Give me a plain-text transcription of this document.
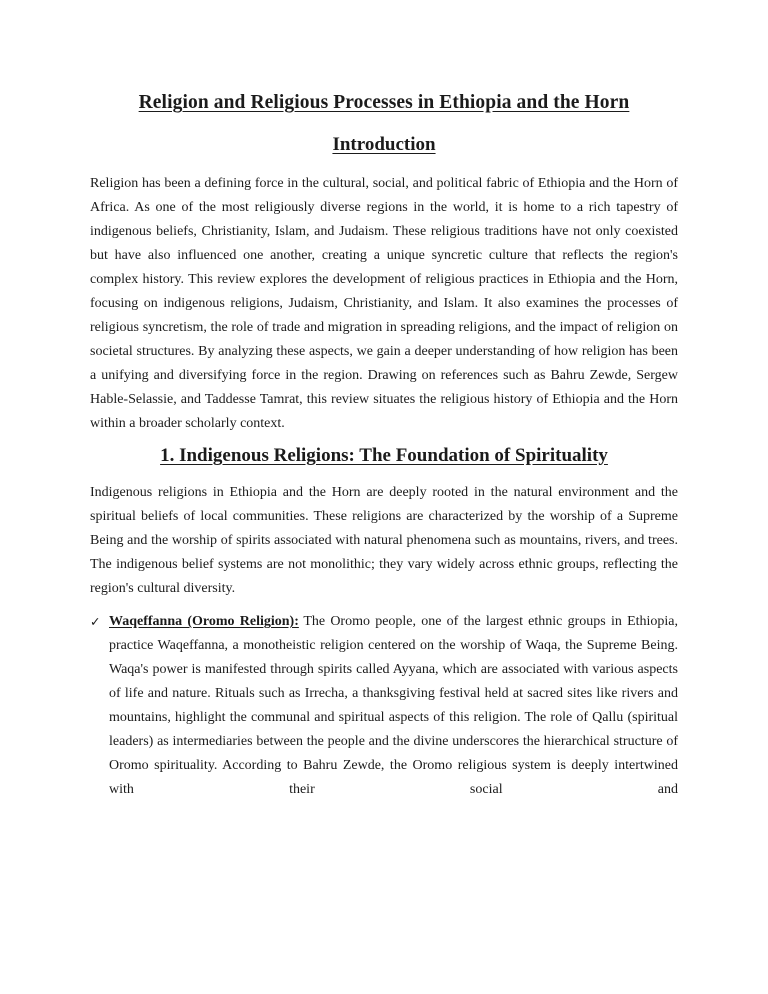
Religion and Religious Processes in Ethiopia and the Horn
Introduction

Religion has been a defining force in the cultural, social, and political fabric of Ethiopia and the Horn of Africa. As one of the most religiously diverse regions in the world, it is home to a rich tapestry of indigenous beliefs, Christianity, Islam, and Judaism. These religious traditions have not only coexisted but have also influenced one another, creating a unique syncretic culture that reflects the region's complex history. This review explores the development of religious practices in Ethiopia and the Horn, focusing on indigenous religions, Judaism, Christianity, and Islam. It also examines the processes of religious syncretism, the role of trade and migration in spreading religions, and the impact of religion on societal structures. By analyzing these aspects, we gain a deeper understanding of how religion has been a unifying and diversifying force in the region. Drawing on references such as Bahru Zewde, Sergew Hable-Selassie, and Taddesse Tamrat, this review situates the religious history of Ethiopia and the Horn within a broader scholarly context.

1. Indigenous Religions: The Foundation of Spirituality

Indigenous religions in Ethiopia and the Horn are deeply rooted in the natural environment and the spiritual beliefs of local communities. These religions are characterized by the worship of a Supreme Being and the worship of spirits associated with natural phenomena such as mountains, rivers, and trees. The indigenous belief systems are not monolithic; they vary widely across ethnic groups, reflecting the region's cultural diversity.

✓ Waqeffanna (Oromo Religion): The Oromo people, one of the largest ethnic groups in Ethiopia, practice Waqeffanna, a monotheistic religion centered on the worship of Waqa, the Supreme Being. Waqa's power is manifested through spirits called Ayyana, which are associated with various aspects of life and nature. Rituals such as Irrecha, a thanksgiving festival held at sacred sites like rivers and mountains, highlight the communal and spiritual aspects of this religion. The role of Qallu (spiritual leaders) as intermediaries between the people and the divine underscores the hierarchical structure of Oromo spirituality. According to Bahru Zewde, the Oromo religious system is deeply intertwined with their social and
